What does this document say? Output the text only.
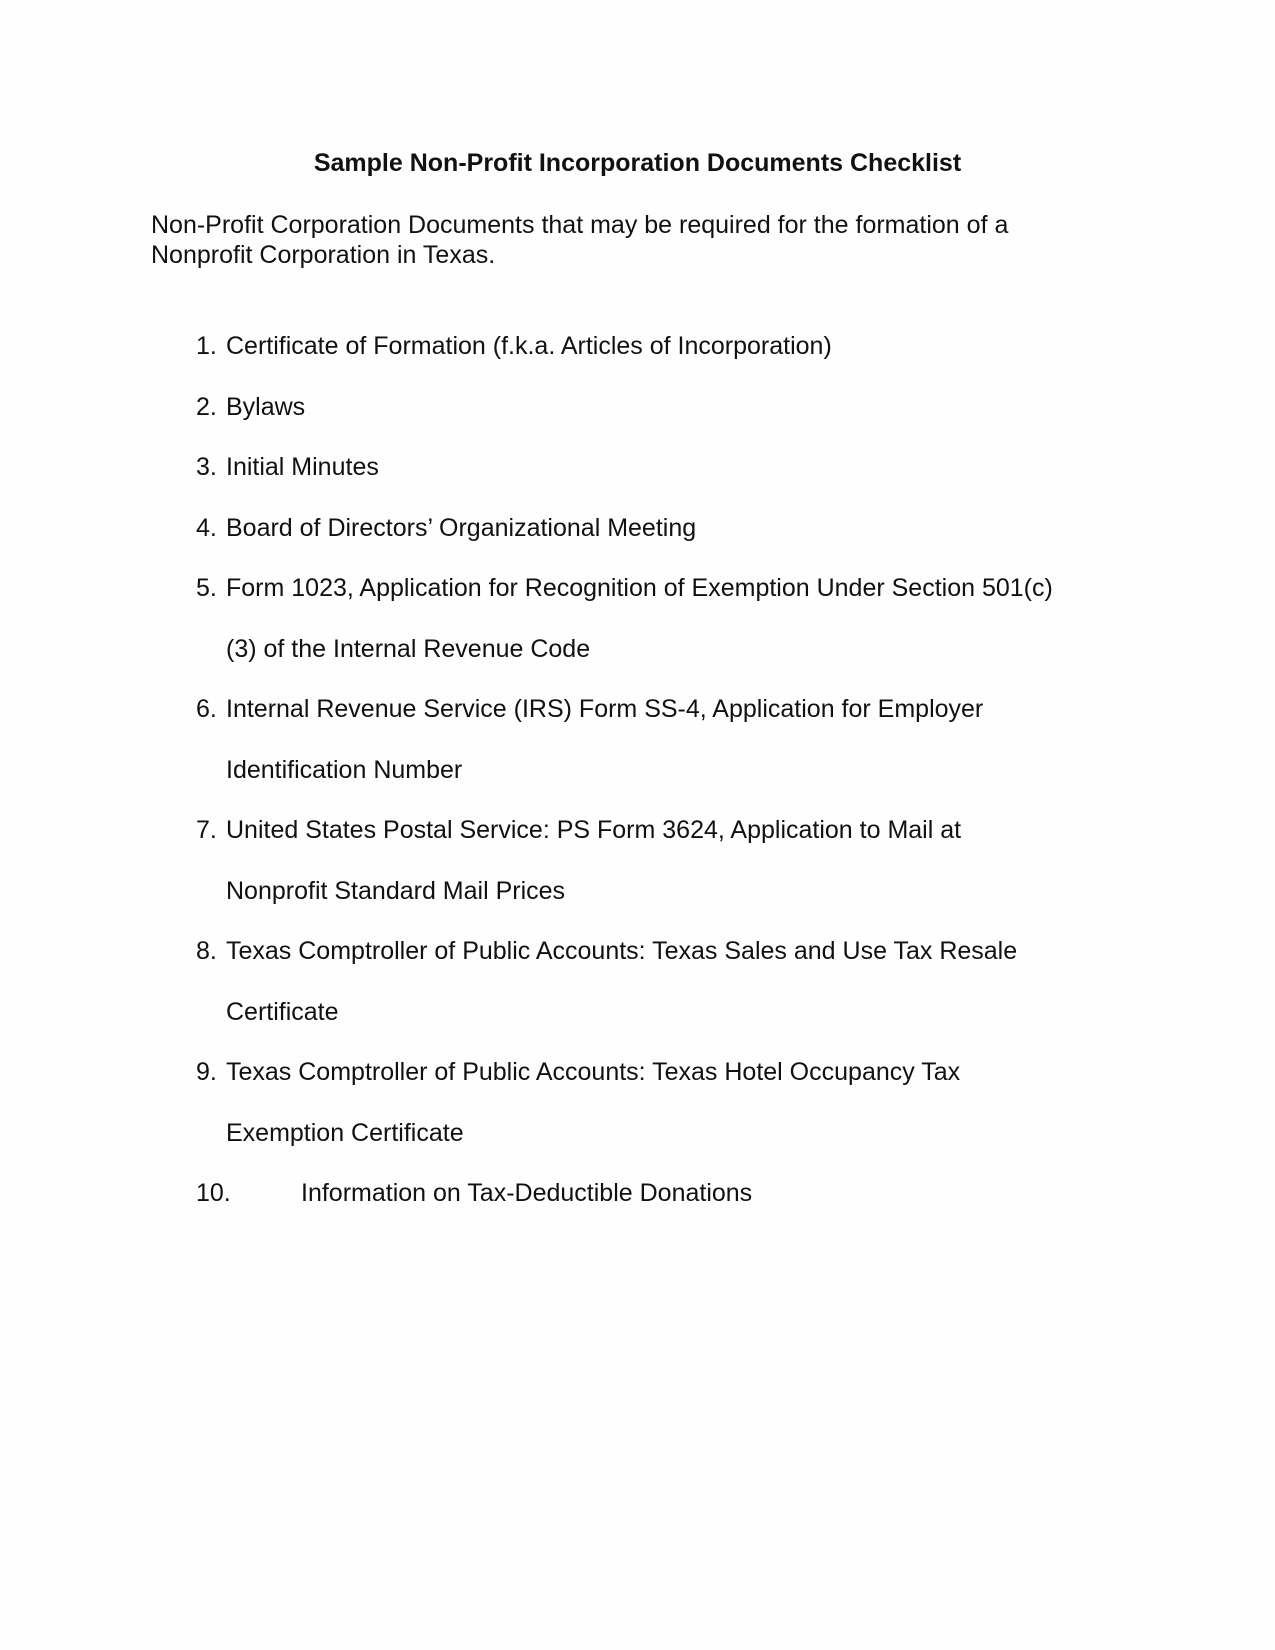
Sample Non-Profit Incorporation Documents Checklist

Non-Profit Corporation Documents that may be required for the formation of a
Nonprofit Corporation in Texas.

1. Certificate of Formation (f.k.a. Articles of Incorporation)
2. Bylaws
3. Initial Minutes
4. Board of Directors’ Organizational Meeting
5. Form 1023, Application for Recognition of Exemption Under Section 501(c)
(3) of the Internal Revenue Code
6. Internal Revenue Service (IRS) Form SS-4, Application for Employer
Identification Number
7. United States Postal Service: PS Form 3624, Application to Mail at
Nonprofit Standard Mail Prices
8. Texas Comptroller of Public Accounts: Texas Sales and Use Tax Resale
Certificate
9. Texas Comptroller of Public Accounts: Texas Hotel Occupancy Tax
Exemption Certificate
10.	Information on Tax-Deductible Donations
